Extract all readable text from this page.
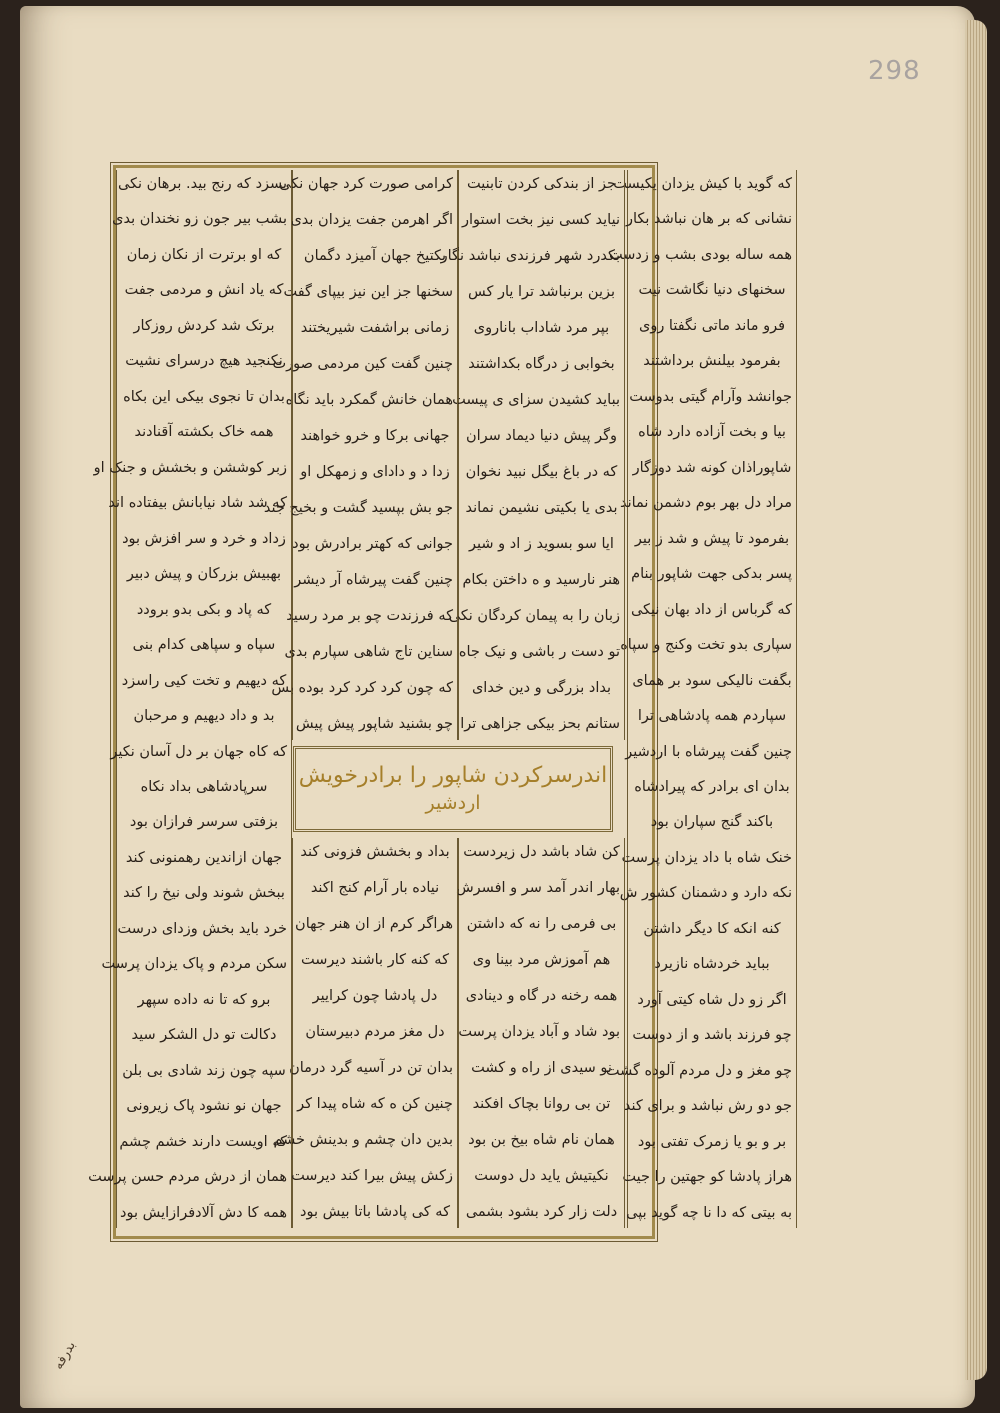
298
بدرفه
که گوید با کیش یزدان یکیست
نشانی که بر هان نباشد بکار
همه ساله بودی بشب و زدست
سخنهای دنیا نگاشت نیت
فرو ماند ماتی نگفتا روی
بفرمود بیلنش برداشتند
جوانشد وآرام گیتی بدوست
بیا و بخت آزاده دارد شاه
شاپوراذان کونه شد دوزگار
مراد دل بهر بوم دشمن نماند
بفرمود تا پیش و شد ز بیر
پسر بدکی جهت شاپور بنام
که گرباس از داد بهان نیکی
سپاری بدو تخت وکنج و سپاه
بگفت نالیکی سود بر همای
سپاردم همه پادشاهی ترا
چنین گفت پیرشاه با اردشیر
بدان ای برادر که پیرادشاه
باکند گنج سپاران بود
خنک شاه با داد یزدان پرست
نکه دارد و دشمنان کشور ش
کنه انکه کا دیگر داشتن
بباید خردشاه نازیرد
اگر زو دل شاه کیتی آورد
چو فرزند باشد و از دوست
چو مغز و دل مردم آلوده گشت
جو دو رش نباشد و برای کند
بر و بو یا زمرک تفتی بود
هراز پادشا کو جهتین را جیت
به بیتی که دا نا چه گوید بپی
جز از بندکی کردن تابنیت
نیاید کسی نیز بخت استوار
بکدرد شهر فرزندی نباشد نگار
بزین برنباشد ترا یار کس
بپر مرد شاداب باناروی
بخوابی ز درگاه بکداشتند
بباید کشیدن سزای ی پیست
وگر پیش دنیا دیماد سران
که در باغ بیگل نبید نخوان
بدی یا بکیتی نشیمن نماند
ایا سو بسوید ز اد و شیر
هنر نارسید و ه داختن بکام
زبان را به پیمان کردگان نکی
تو دست ر باشی و نیک جاه
بداد بزرگی و دین خدای
ستانم بحز بیکی جزاهی ترا
کرامی صورت کرد جهان نکی
اگر اهرمن جفت یزدان بدی
بکتیخ جهان آمیزد دگمان
سخنها جز این نیز بیپای گفت
زمانی براشفت شیریختند
چنین گفت کین مردمی صورت
همان خانش گمکرد باید نگاه
جهانی برکا و خرو خواهند
زدا د و دادای و زمهکل او
جو بش بپسید گشت و بخیج جند
جوانی که کهتر برادرش بود
چنین گفت پیرشاه آر دیشر
که فرزندت چو بر مرد رسید
سناین تاج شاهی سپارم بدی
که چون کرد کرد کرد بوده بس
چو بشنید شاپور پیش پیش
اندرسرکردن شاپور را برادرخویش
اردشیر
کن شاد باشد دل زیردست
بهار اندر آمد سر و افسرش
بی فرمی را نه که داشتن
هم آموزش مرد بینا وی
همه رخنه در گاه و دینادی
بود شاد و آباد یزدان پرست
نو سیدی از راه و کشت
تن بی روانا بچاک افکند
همان نام شاه بیخ بن بود
نکیتیش یاید دل دوست
دلت زار کرد بشود بشمی
بداد و بخشش فزونی کند
نیاده بار آرام کنج اکند
هراگر کرم از ان هنر جهان
که کنه کار باشند دیرست
دل پادشا چون کراییر
دل مغز مردم دبیرستان
بدان تن در آسیه گرد درمان
چنین کن ه که شاه پیدا کر
بدین دان چشم و بدینش خشم
زکش پیش بیرا کند دیرست
که کی پادشا باتا بیش بود
بسزد که رنج بید. برهان نکی
بشب بیر جون زو نخندان بدی
که او برترت از نکان زمان
که یاد انش و مردمی جفت
برتک شد کردش روزکار
نکنجید هیچ درسرای نشیت
بدان تا نجوی بیکی این بکاه
همه خاک بکشته آقنادند
زبر کوششن و بخشش و جنک او
که شد شاد نیابانش بیفتاده اند
زداد و خرد و سر افزش بود
بهبیش بزرکان و پیش دبیر
که پاد و بکی بدو برودد
سپاه و سپاهی کدام بنی
که دیهیم و تخت کیی راسزد
بد و داد دیهیم و مرحبان
که کاه جهان بر دل آسان نکیر
سرپادشاهی بداد نکاه
بزفتی سرسر فرازان بود
جهان ازاندین رهمنونی کند
ببخش شوند ولی نیخ را کند
خرد باید بخش وزدای درست
سکن مردم و پاک یزدان پرست
برو که تا نه داده سپهر
دکالت تو دل الشکر سید
سپه چون زند شادی بی بلن
جهان نو نشود پاک زیرونی
که اویست دارند خشم چشم
همان از درش مردم حسن پرست
همه کا دش آلادفرازایش بود
